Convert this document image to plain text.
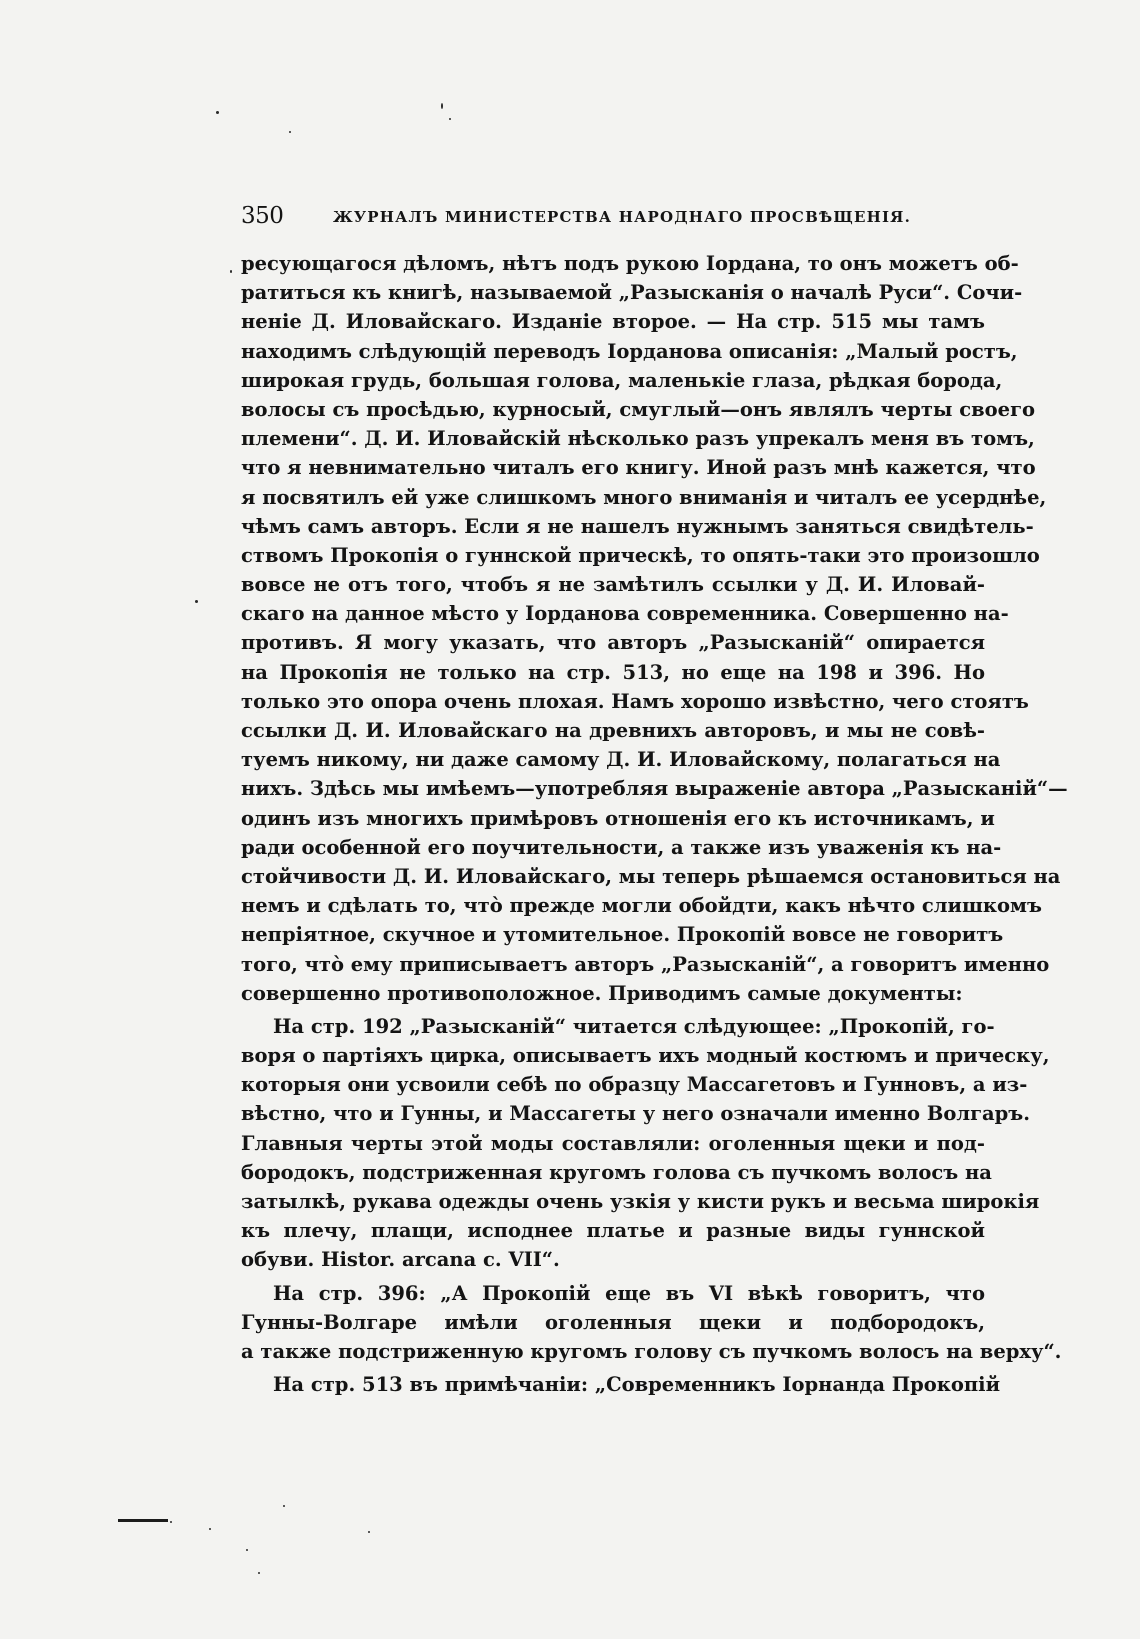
350	ЖУРНАЛЪ МИНИСТЕРСТВА НАРОДНАГО ПРОСВѢЩЕНІЯ.
ресующагося дѣломъ, нѣтъ подъ рукою Іордана, то онъ можетъ об-
ратиться къ книгѣ, называемой „Разысканія о началѣ Руси“. Сочи-
неніе Д. Иловайскаго. Изданіе второе. — На стр. 515 мы тамъ
находимъ слѣдующій переводъ Іорданова описанія: „Малый ростъ,
широкая грудь, большая голова, маленькіе глаза, рѣдкая борода,
волосы съ просѣдью, курносый, смуглый—онъ являлъ черты своего
племени“. Д. И. Иловайскій нѣсколько разъ упрекалъ меня въ томъ,
что я невнимательно читалъ его книгу. Иной разъ мнѣ кажется, что
я посвятилъ ей уже слишкомъ много вниманія и читалъ ее усерднѣе,
чѣмъ самъ авторъ. Если я не нашелъ нужнымъ заняться свидѣтель-
ствомъ Прокопія о гуннской прическѣ, то опять-таки это произошло
вовсе не отъ того, чтобъ я не замѣтилъ ссылки у Д. И. Иловай-
скаго на данное мѣсто у Іорданова современника. Совершенно на-
противъ. Я могу указать, что авторъ „Разысканій“ опирается
на Прокопія не только на стр. 513, но еще на 198 и 396. Но
только это опора очень плохая. Намъ хорошо извѣстно, чего стоятъ
ссылки Д. И. Иловайскаго на древнихъ авторовъ, и мы не совѣ-
туемъ никому, ни даже самому Д. И. Иловайскому, полагаться на
нихъ. Здѣсь мы имѣемъ—употребляя выраженіе автора „Разысканій“—
одинъ изъ многихъ примѣровъ отношенія его къ источникамъ, и
ради особенной его поучительности, а также изъ уваженія къ на-
стойчивости Д. И. Иловайскаго, мы теперь рѣшаемся остановиться на
немъ и сдѣлать то, чтò прежде могли обойдти, какъ нѣчто слишкомъ
непріятное, скучное и утомительное. Прокопій вовсе не говоритъ
того, чтò ему приписываетъ авторъ „Разысканій“, а говоритъ именно
совершенно противоположное. Приводимъ самые документы:
На стр. 192 „Разысканій“ читается слѣдующее: „Прокопій, го-
воря о партіяхъ цирка, описываетъ ихъ модный костюмъ и прическу,
которыя они усвоили себѣ по образцу Массагетовъ и Гунновъ, а из-
вѣстно, что и Гунны, и Массагеты у него означали именно Волгаръ.
Главныя черты этой моды составляли: оголенныя щеки и под-
бородокъ, подстриженная кругомъ голова съ пучкомъ волосъ на
затылкѣ, рукава одежды очень узкія у кисти рукъ и весьма широкія
къ плечу, плащи, исподнее платье и разные виды гуннской
обуви. Histor. arcana c. VII“.
На стр. 396: „А Прокопій еще въ VI вѣкѣ говоритъ, что
Гунны-Волгаре имѣли оголенныя щеки и подбородокъ,
а также подстриженную кругомъ голову съ пучкомъ волосъ на верху“.
На стр. 513 въ примѣчаніи: „Современникъ Іорнанда Прокопій
